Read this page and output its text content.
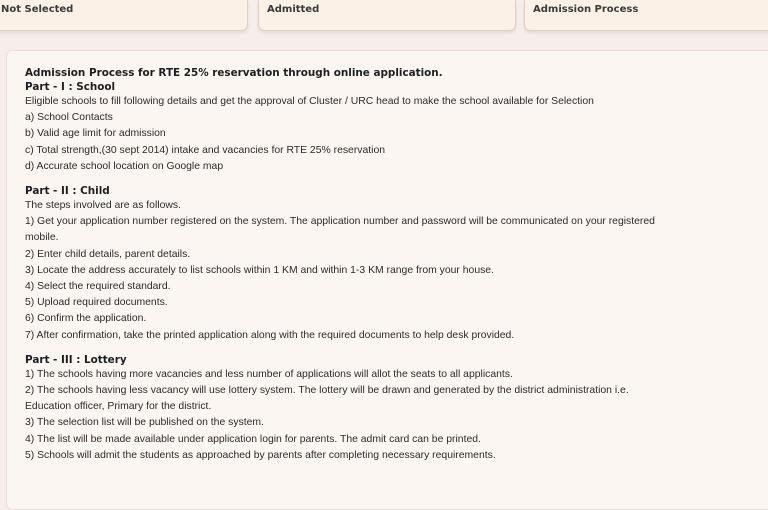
Not Selected	Admitted	Admission Process
Admission Process for RTE 25% reservation through online application.
Part - I : School
Eligible schools to fill following details and get the approval of Cluster / URC head to make the school available for Selection
a) School Contacts
b) Valid age limit for admission
c) Total strength,(30 sept 2014) intake and vacancies for RTE 25% reservation
d) Accurate school location on Google map
Part - II : Child
The steps involved are as follows.
1) Get your application number registered on the system. The application number and password will be communicated on your registered
mobile.
2) Enter child details, parent details.
3) Locate the address accurately to list schools within 1 KM and within 1-3 KM range from your house.
4) Select the required standard.
5) Upload required documents.
6) Confirm the application.
7) After confirmation, take the printed application along with the required documents to help desk provided.
Part - III : Lottery
1) The schools having more vacancies and less number of applications will allot the seats to all applicants.
2) The schools having less vacancy will use lottery system. The lottery will be drawn and generated by the district administration i.e.
Education officer, Primary for the district.
3) The selection list will be published on the system.
4) The list will be made available under application login for parents. The admit card can be printed.
5) Schools will admit the students as approached by parents after completing necessary requirements.
